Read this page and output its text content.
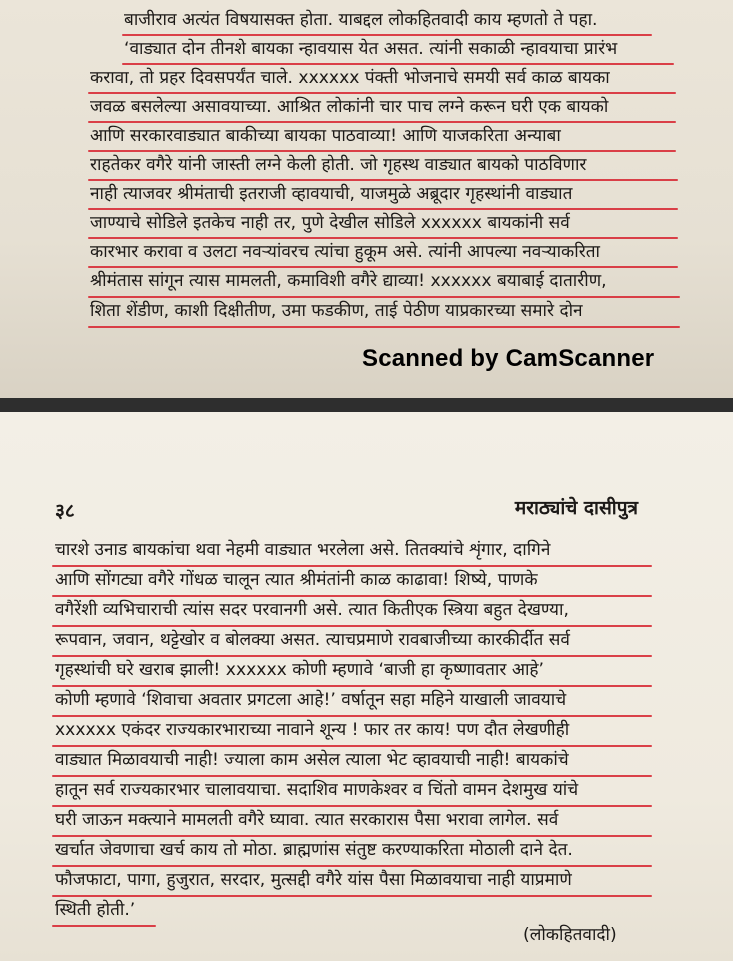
बाजीराव अत्यंत विषयासक्त होता. याबद्दल लोकहितवादी काय म्हणतो ते पहा.
‘वाड्यात दोन तीनशे बायका न्हावयास येत असत. त्यांनी सकाळी न्हावयाचा प्रारंभ
करावा, तो प्रहर दिवसपर्यंत चाले. xxxxxx पंक्ती भोजनाचे समयी सर्व काळ बायका
जवळ बसलेल्या असावयाच्या. आश्रित लोकांनी चार पाच लग्ने करून घरी एक बायको
आणि सरकारवाड्यात बाकीच्या बायका पाठवाव्या! आणि याजकरिता अन्याबा
राहतेकर वगैरे यांनी जास्ती लग्ने केली होती. जो गृहस्थ वाड्यात बायको पाठविणार
नाही त्याजवर श्रीमंताची इतराजी व्हावयाची, याजमुळे अब्रूदार गृहस्थांनी वाड्यात
जाण्याचे सोडिले इतकेच नाही तर, पुणे देखील सोडिले xxxxxx बायकांनी सर्व
कारभार करावा व उलटा नवऱ्यांवरच त्यांचा हुकूम असे. त्यांनी आपल्या नवऱ्याकरिता
श्रीमंतास सांगून त्यास मामलती, कमाविशी वगैरे द्याव्या! xxxxxx बयाबाई दातारीण,
शिता शेंडीण, काशी दिक्षीतीण, उमा फडकीण, ताई पेठीण याप्रकारच्या समारे दोन
Scanned by CamScanner
३८	मराठ्यांचे दासीपुत्र
चारशे उनाड बायकांचा थवा नेहमी वाड्यात भरलेला असे. तितक्यांचे शृंगार, दागिने
आणि सोंगट्या वगैरे गोंधळ चालून त्यात श्रीमंतांनी काळ काढावा! शिष्ये, पाणके
वगैरेंशी व्यभिचाराची त्यांस सदर परवानगी असे. त्यात कितीएक स्त्रिया बहुत देखण्या,
रूपवान, जवान, थट्टेखोर व बोलक्या असत. त्याचप्रमाणे रावबाजीच्या कारकीर्दीत सर्व
गृहस्थांची घरे खराब झाली! xxxxxx कोणी म्हणावे ‘बाजी हा कृष्णावतार आहे’
कोणी म्हणावे ‘शिवाचा अवतार प्रगटला आहे!’ वर्षातून सहा महिने याखाली जावयाचे
xxxxxx एकंदर राज्यकारभाराच्या नावाने शून्य ! फार तर काय! पण दौत लेखणीही
वाड्यात मिळावयाची नाही! ज्याला काम असेल त्याला भेट व्हावयाची नाही! बायकांचे
हातून सर्व राज्यकारभार चालावयाचा. सदाशिव माणकेश्वर व चिंतो वामन देशमुख यांचे
घरी जाऊन मक्त्याने मामलती वगैरे घ्यावा. त्यात सरकारास पैसा भरावा लागेल. सर्व
खर्चात जेवणाचा खर्च काय तो मोठा. ब्राह्मणांस संतुष्ट करण्याकरिता मोठाली दाने देत.
फौजफाटा, पागा, हुजुरात, सरदार, मुत्सद्दी वगैरे यांस पैसा मिळावयाचा नाही याप्रमाणे
स्थिती होती.’
(लोकहितवादी)
